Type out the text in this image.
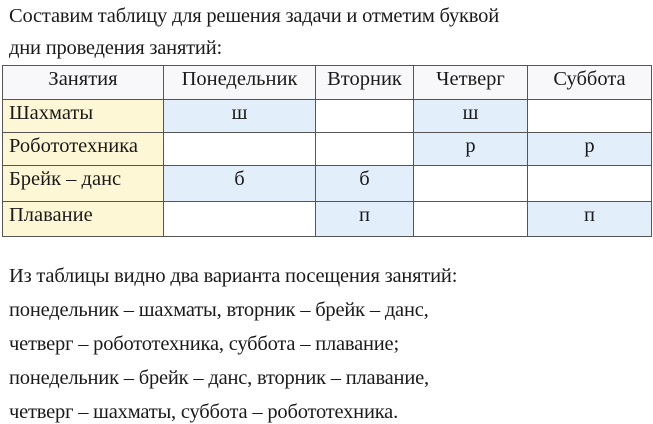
Составим таблицу для решения задачи и отметим буквой
дни проведения занятий:
Занятия	Понедельник	Вторник	Четверг	Суббота
Шахматы	ш		ш	
Робототехника			р	р
Брейк – данс	б	б		
Плавание		п		п
Из таблицы видно два варианта посещения занятий:
понедельник – шахматы, вторник – брейк – данс,
четверг – робототехника, суббота – плавание;
понедельник – брейк – данс, вторник – плавание,
четверг – шахматы, суббота – робототехника.
